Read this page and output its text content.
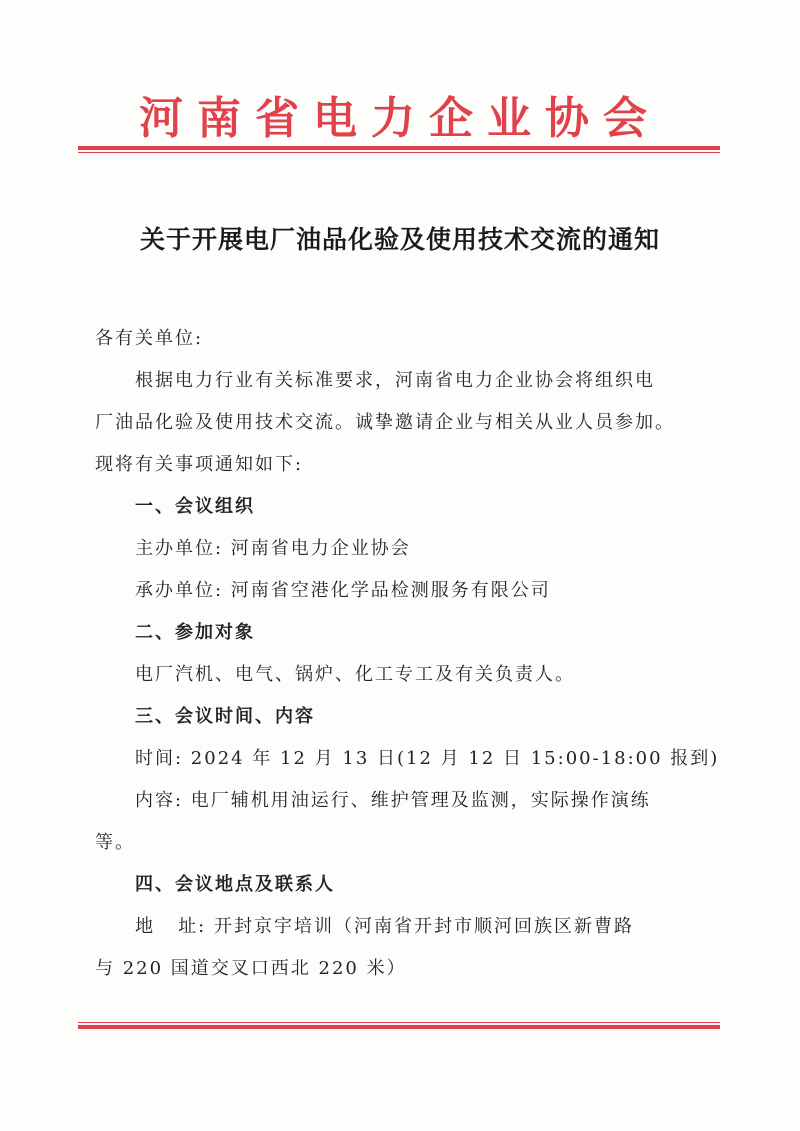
河南省电力企业协会
关于开展电厂油品化验及使用技术交流的通知
各有关单位:
根据电力行业有关标准要求，河南省电力企业协会将组织电
厂油品化验及使用技术交流。诚挚邀请企业与相关从业人员参加。
现将有关事项通知如下:
一、会议组织
主办单位: 河南省电力企业协会
承办单位: 河南省空港化学品检测服务有限公司
二、参加对象
电厂汽机、电气、锅炉、化工专工及有关负责人。
三、会议时间、内容
时间: 2024 年 12 月 13 日(12 月 12 日 15:00-18:00 报到)
内容: 电厂辅机用油运行、维护管理及监测，实际操作演练
等。
四、会议地点及联系人
地   址: 开封京宇培训（河南省开封市顺河回族区新曹路
与 220 国道交叉口西北 220 米）
